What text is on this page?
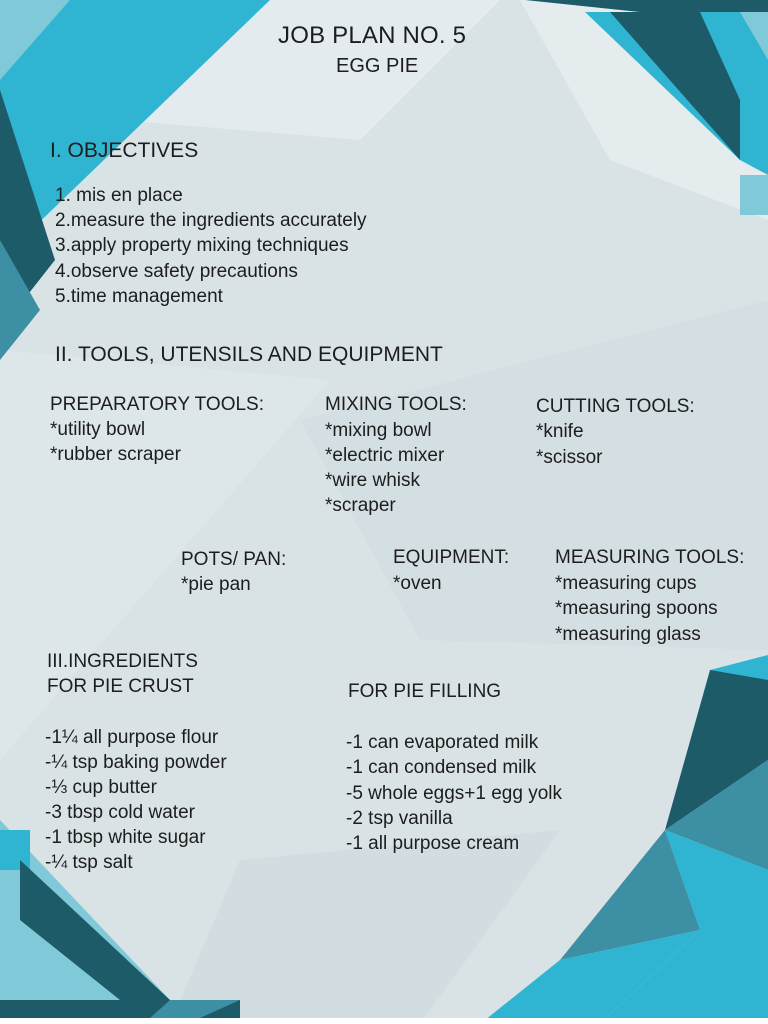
JOB PLAN NO. 5
EGG PIE
I. OBJECTIVES
1. mis en place
2.measure the ingredients accurately
3.apply property mixing techniques
4.observe safety precautions
5.time management
II. TOOLS, UTENSILS AND EQUIPMENT
PREPARATORY TOOLS:
*utility bowl
*rubber scraper
MIXING TOOLS:
*mixing bowl
*electric mixer
*wire whisk
*scraper
CUTTING TOOLS:
*knife
*scissor
POTS/ PAN:
*pie pan
EQUIPMENT:
*oven
MEASURING TOOLS:
*measuring cups
*measuring spoons
*measuring glass
III.INGREDIENTS
FOR PIE CRUST
-1¼ all purpose flour
-¼ tsp baking powder
-⅓ cup butter
-3 tbsp cold water
-1 tbsp white sugar
-¼ tsp salt
FOR PIE FILLING
-1 can evaporated milk
-1 can condensed milk
-5 whole eggs+1 egg yolk
-2 tsp vanilla
-1 all purpose cream
